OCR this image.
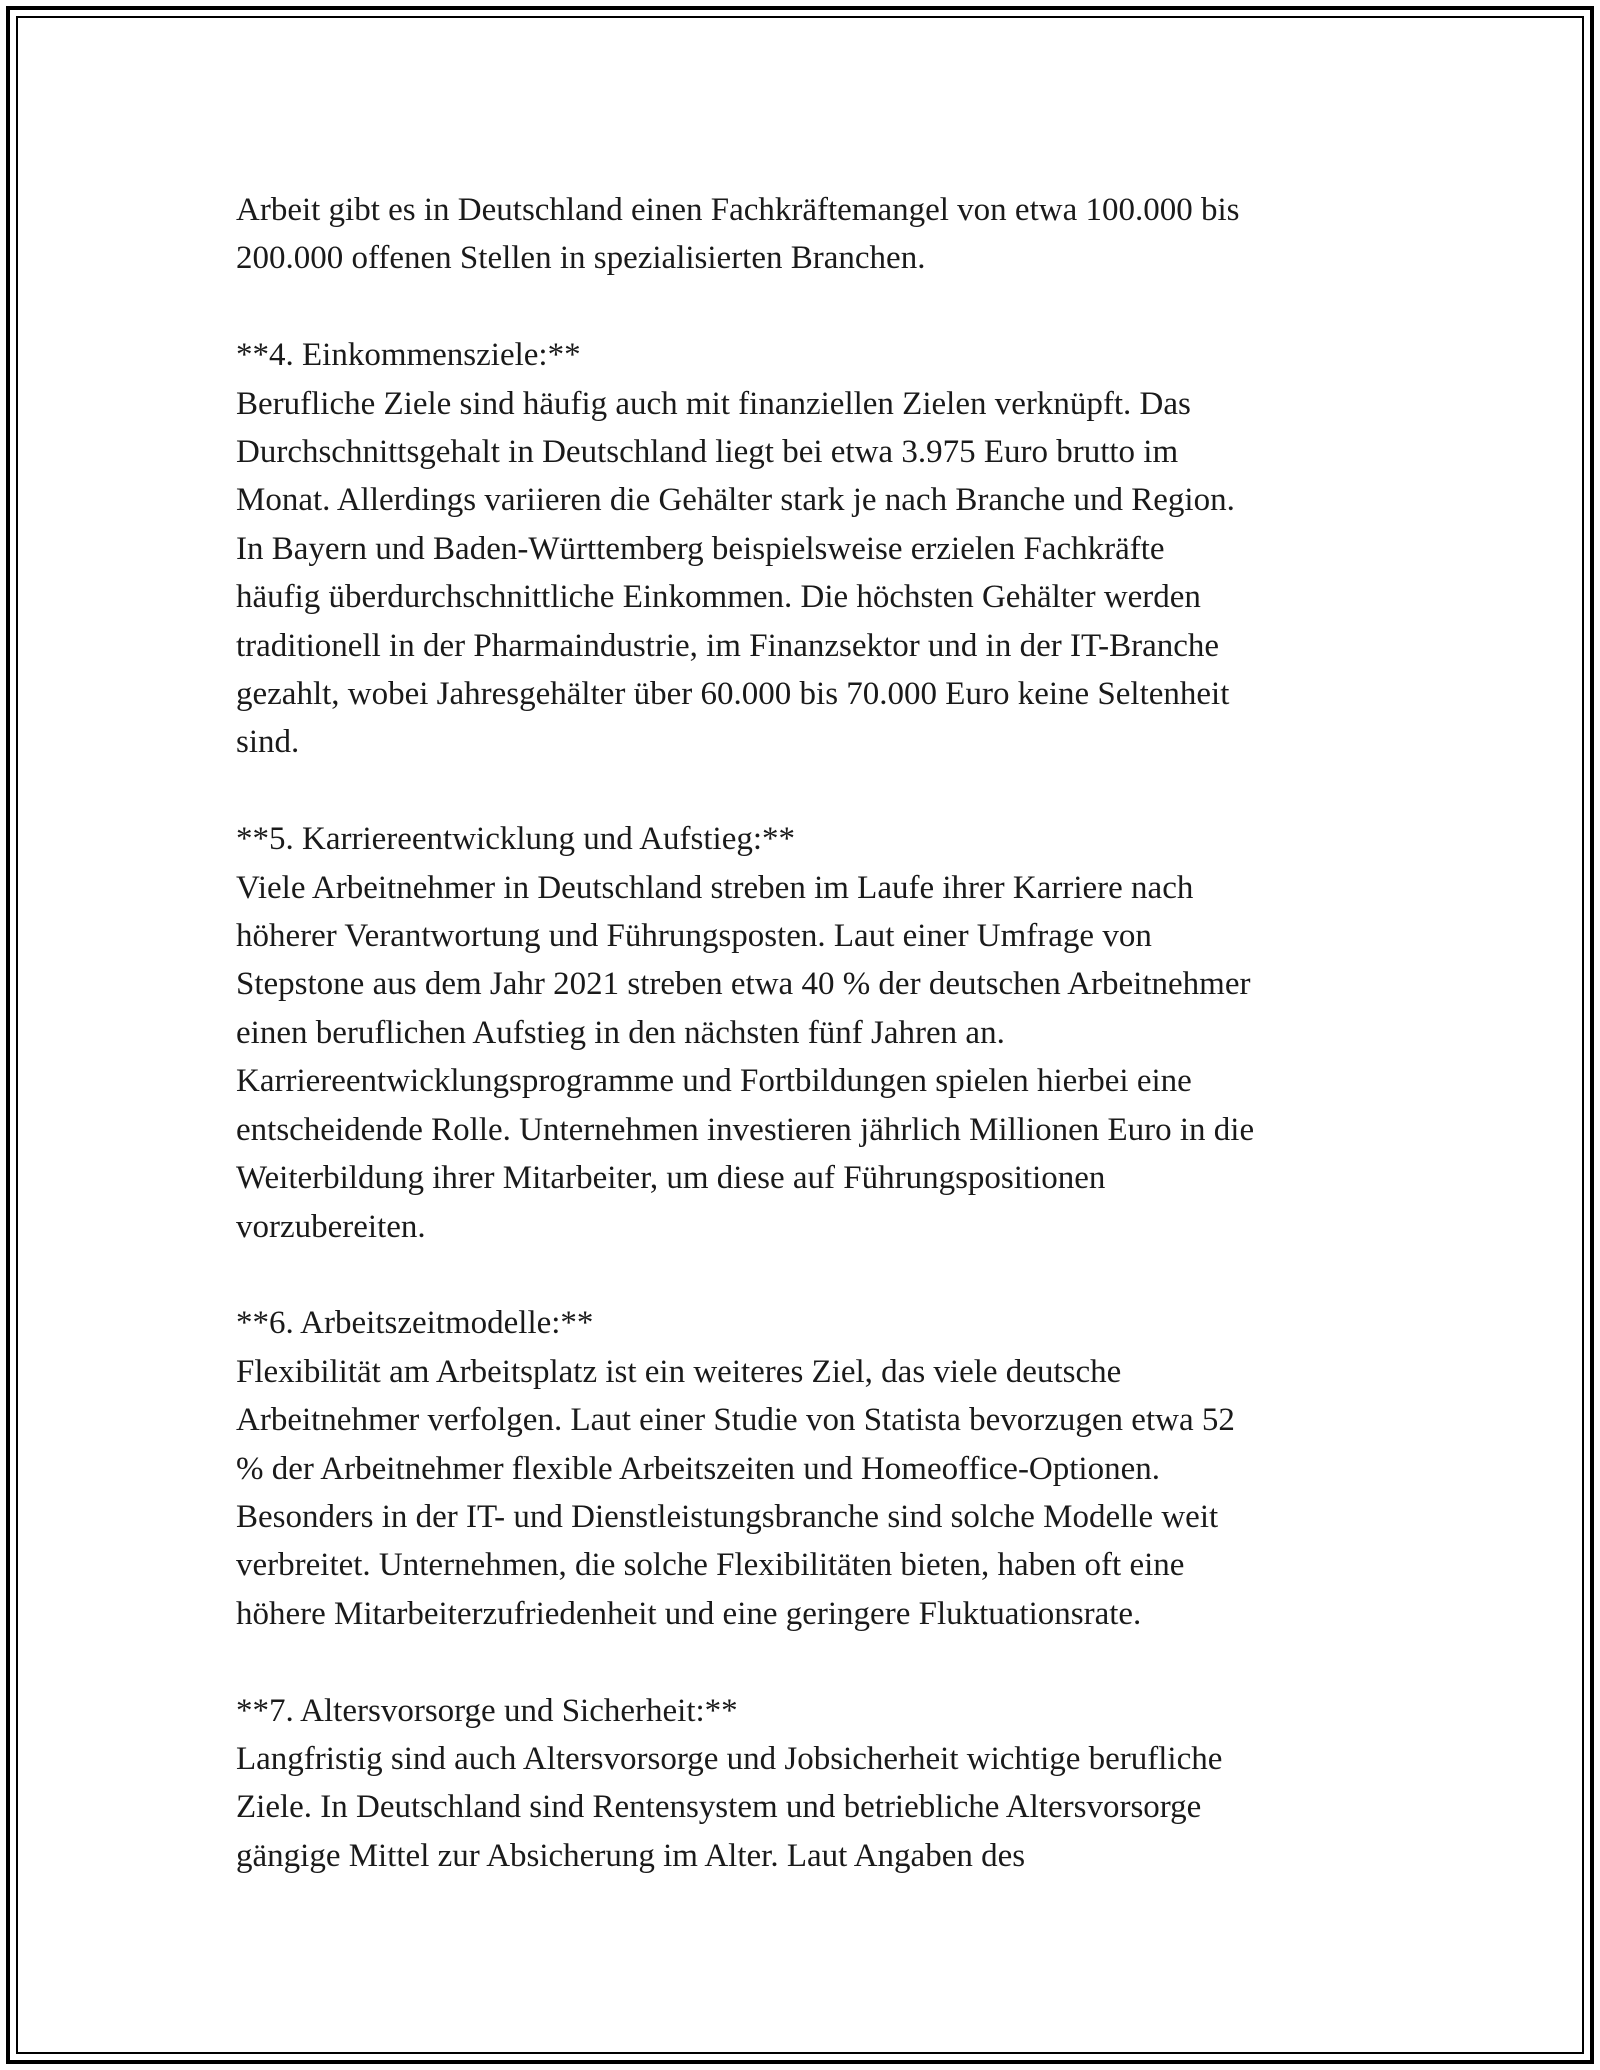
Arbeit gibt es in Deutschland einen Fachkräftemangel von etwa 100.000 bis
200.000 offenen Stellen in spezialisierten Branchen.
**4. Einkommensziele:**
Berufliche Ziele sind häufig auch mit finanziellen Zielen verknüpft. Das
Durchschnittsgehalt in Deutschland liegt bei etwa 3.975 Euro brutto im
Monat. Allerdings variieren die Gehälter stark je nach Branche und Region.
In Bayern und Baden-Württemberg beispielsweise erzielen Fachkräfte
häufig überdurchschnittliche Einkommen. Die höchsten Gehälter werden
traditionell in der Pharmaindustrie, im Finanzsektor und in der IT-Branche
gezahlt, wobei Jahresgehälter über 60.000 bis 70.000 Euro keine Seltenheit
sind.
**5. Karriereentwicklung und Aufstieg:**
Viele Arbeitnehmer in Deutschland streben im Laufe ihrer Karriere nach
höherer Verantwortung und Führungsposten. Laut einer Umfrage von
Stepstone aus dem Jahr 2021 streben etwa 40 % der deutschen Arbeitnehmer
einen beruflichen Aufstieg in den nächsten fünf Jahren an.
Karriereentwicklungsprogramme und Fortbildungen spielen hierbei eine
entscheidende Rolle. Unternehmen investieren jährlich Millionen Euro in die
Weiterbildung ihrer Mitarbeiter, um diese auf Führungspositionen
vorzubereiten.
**6. Arbeitszeitmodelle:**
Flexibilität am Arbeitsplatz ist ein weiteres Ziel, das viele deutsche
Arbeitnehmer verfolgen. Laut einer Studie von Statista bevorzugen etwa 52
% der Arbeitnehmer flexible Arbeitszeiten und Homeoffice-Optionen.
Besonders in der IT- und Dienstleistungsbranche sind solche Modelle weit
verbreitet. Unternehmen, die solche Flexibilitäten bieten, haben oft eine
höhere Mitarbeiterzufriedenheit und eine geringere Fluktuationsrate.
**7. Altersvorsorge und Sicherheit:**
Langfristig sind auch Altersvorsorge und Jobsicherheit wichtige berufliche
Ziele. In Deutschland sind Rentensystem und betriebliche Altersvorsorge
gängige Mittel zur Absicherung im Alter. Laut Angaben des
